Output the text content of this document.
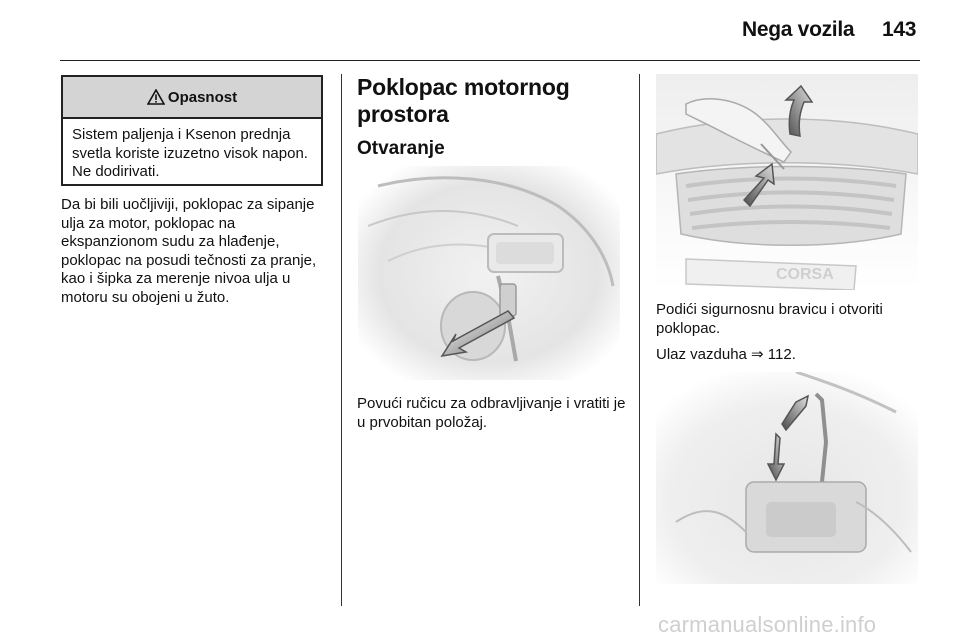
Nega vozila 143
Opasnost
Sistem paljenja i Ksenon prednja svetla koriste izuzetno visok napon. Ne dodirivati.
Da bi bili uočljiviji, poklopac za sipanje ulja za motor, poklopac na ekspanzionom sudu za hlađenje, poklopac na posudi tečnosti za pranje, kao i šipka za merenje nivoa ulja u motoru su obojeni u žuto.
Poklopac motornog prostora
Otvaranje
Povući ručicu za odbravljivanje i vratiti je u prvobitan položaj.
CORSA
Podići sigurnosnu bravicu i otvoriti poklopac.
Ulaz vazduha ⇒ 112.
carmanualsonline.info
